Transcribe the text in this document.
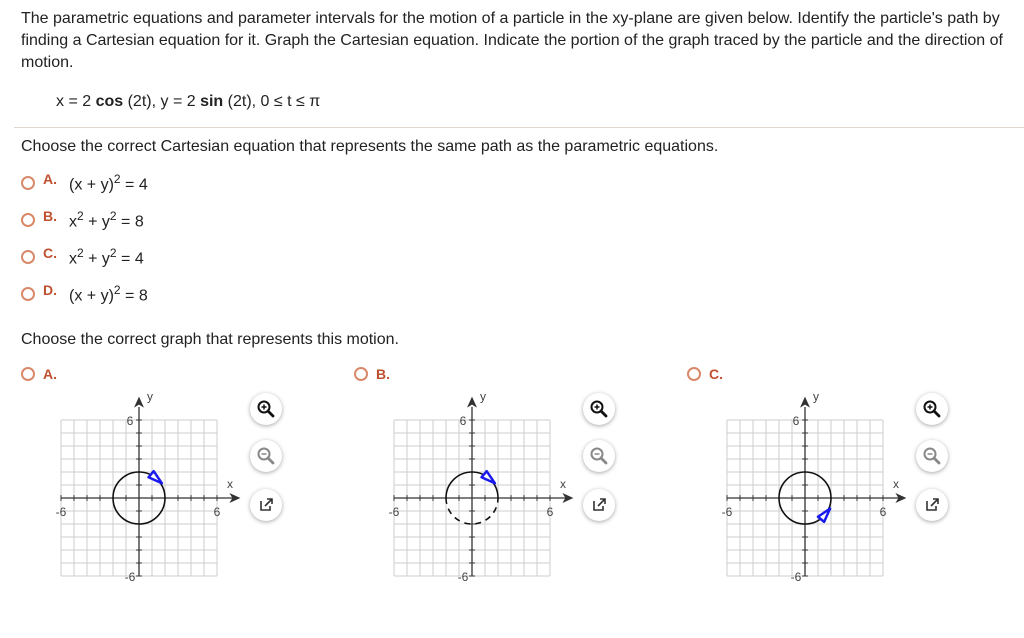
The parametric equations and parameter intervals for the motion of a particle in the xy-plane are given below. Identify the particle's path by finding a Cartesian equation for it. Graph the Cartesian equation. Indicate the portion of the graph traced by the particle and the direction of motion.
x = 2 cos (2t), y = 2 sin (2t), 0 ≤ t ≤ π
Choose the correct Cartesian equation that represents the same path as the parametric equations.
A. $(x + y)^2 = 4$
B. $x^2 + y^2 = 8$
C. $x^2 + y^2 = 4$
D. $(x + y)^2 = 8$
Choose the correct graph that represents this motion.
A.
y
x
-6	6
6
-6
B.
y
x
-6	6
6
-6
C.
y
x
-6	6
6
-6
